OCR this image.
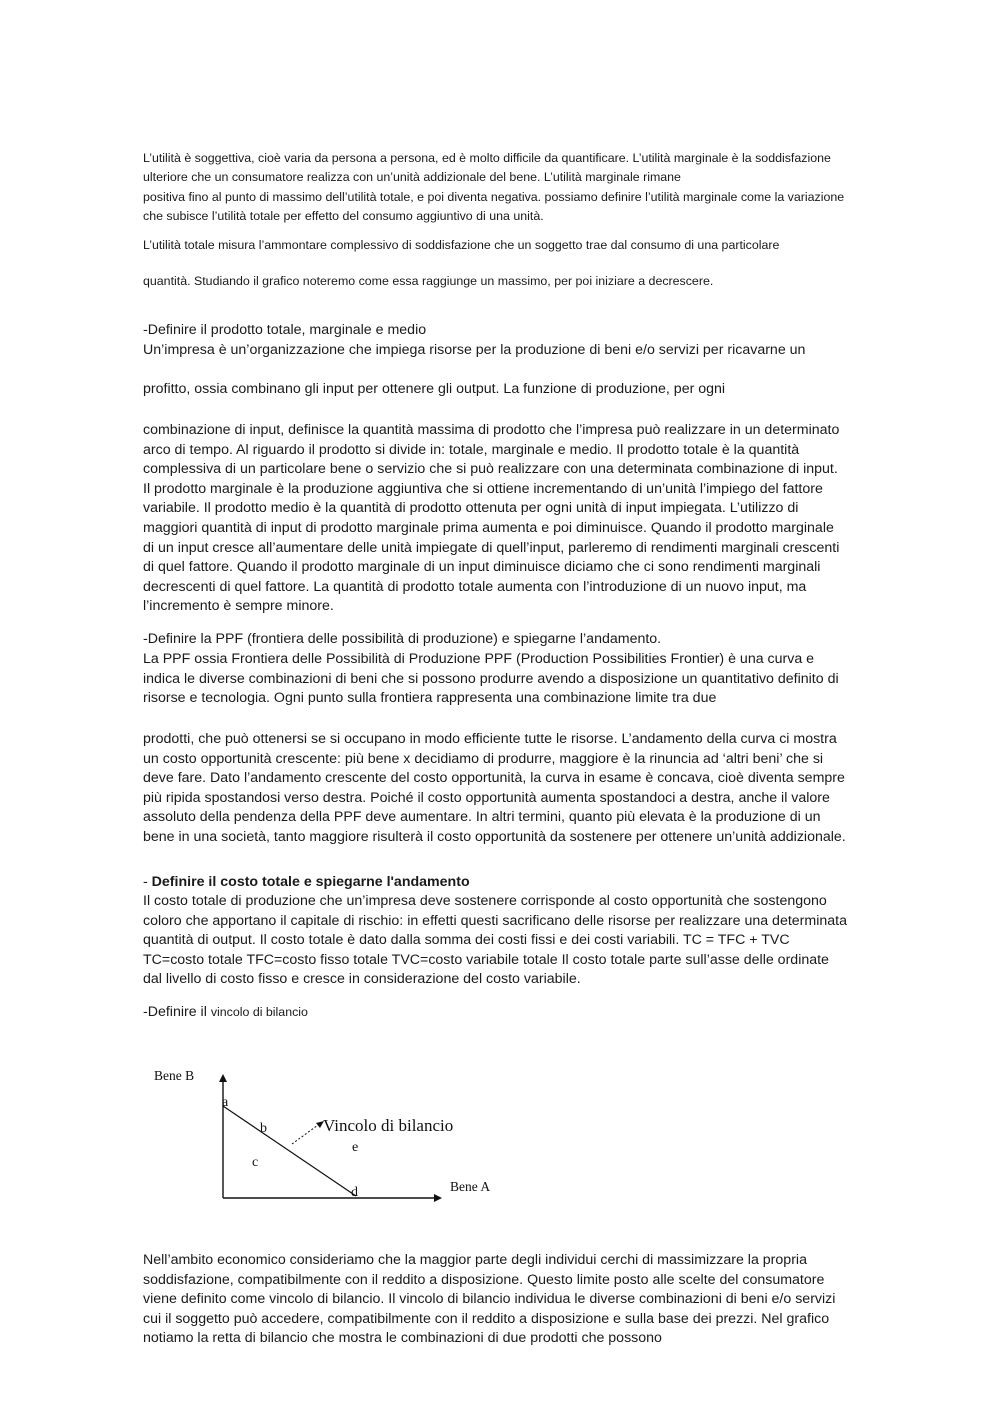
L’utilità è soggettiva, cioè varia da persona a persona, ed è molto difficile da quantificare. L’utilità marginale è la soddisfazione ulteriore che un consumatore realizza con un’unità addizionale del bene. L’utilità marginale rimane

positiva fino al punto di massimo dell’utilità totale, e poi diventa negativa. possiamo definire l’utilità marginale come la variazione che subisce l’utilità totale per effetto del consumo aggiuntivo di una unità.

L’utilità totale misura l’ammontare complessivo di soddisfazione che un soggetto trae dal consumo di una particolare

quantità. Studiando il grafico noteremo come essa raggiunge un massimo, per poi iniziare a decrescere.

-Definire il prodotto totale, marginale e medio

Un’impresa è un’organizzazione che impiega risorse per la produzione di beni e/o servizi per ricavarne un

profitto, ossia combinano gli input per ottenere gli output. La funzione di produzione, per ogni

combinazione di input, definisce la quantità massima di prodotto che l’impresa può realizzare in un determinato arco di tempo. Al riguardo il prodotto si divide in: totale, marginale e medio. Il prodotto totale è la quantità complessiva di un particolare bene o servizio che si può realizzare con una determinata combinazione di input. Il prodotto marginale è la produzione aggiuntiva che si ottiene incrementando di un’unità l’impiego del fattore variabile. Il prodotto medio è la quantità di prodotto ottenuta per ogni unità di input impiegata. L’utilizzo di maggiori quantità di input di prodotto marginale prima aumenta e poi diminuisce. Quando il prodotto marginale di un input cresce all’aumentare delle unità impiegate di quell’input, parleremo di rendimenti marginali crescenti di quel fattore. Quando il prodotto marginale di un input diminuisce diciamo che ci sono rendimenti marginali decrescenti di quel fattore. La quantità di prodotto totale aumenta con l’introduzione di un nuovo input, ma l’incremento è sempre minore.

-Definire la PPF (frontiera delle possibilità di produzione) e spiegarne l’andamento.

La PPF ossia Frontiera delle Possibilità di Produzione PPF (Production Possibilities Frontier) è una curva e indica le diverse combinazioni di beni che si possono produrre avendo a disposizione un quantitativo definito di risorse e tecnologia. Ogni punto sulla frontiera rappresenta una combinazione limite tra due

prodotti, che può ottenersi se si occupano in modo efficiente tutte le risorse. L’andamento della curva ci mostra un costo opportunità crescente: più bene x decidiamo di produrre, maggiore è la rinuncia ad ‘altri beni’ che si deve fare. Dato l’andamento crescente del costo opportunità, la curva in esame è concava, cioè diventa sempre più ripida spostandosi verso destra. Poiché il costo opportunità aumenta spostandoci a destra, anche il valore assoluto della pendenza della PPF deve aumentare. In altri termini, quanto più elevata è la produzione di un bene in una società, tanto maggiore risulterà il costo opportunità da sostenere per ottenere un’unità addizionale.

- Definire il costo totale e spiegarne l'andamento

Il costo totale di produzione che un’impresa deve sostenere corrisponde al costo opportunità che sostengono coloro che apportano il capitale di rischio: in effetti questi sacrificano delle risorse per realizzare una determinata quantità di output. Il costo totale è dato dalla somma dei costi fissi e dei costi variabili. TC = TFC + TVC TC=costo totale TFC=costo fisso totale TVC=costo variabile totale Il costo totale parte sull’asse delle ordinate dal livello di costo fisso e cresce in considerazione del costo variabile.

-Definire il vincolo di bilancio

Bene B
Bene A
Vincolo di bilancio
a
b
c
d
e

Nell’ambito economico consideriamo che la maggior parte degli individui cerchi di massimizzare la propria soddisfazione, compatibilmente con il reddito a disposizione. Questo limite posto alle scelte del consumatore viene definito come vincolo di bilancio. Il vincolo di bilancio individua le diverse combinazioni di beni e/o servizi cui il soggetto può accedere, compatibilmente con il reddito a disposizione e sulla base dei prezzi. Nel grafico notiamo la retta di bilancio che mostra le combinazioni di due prodotti che possono
